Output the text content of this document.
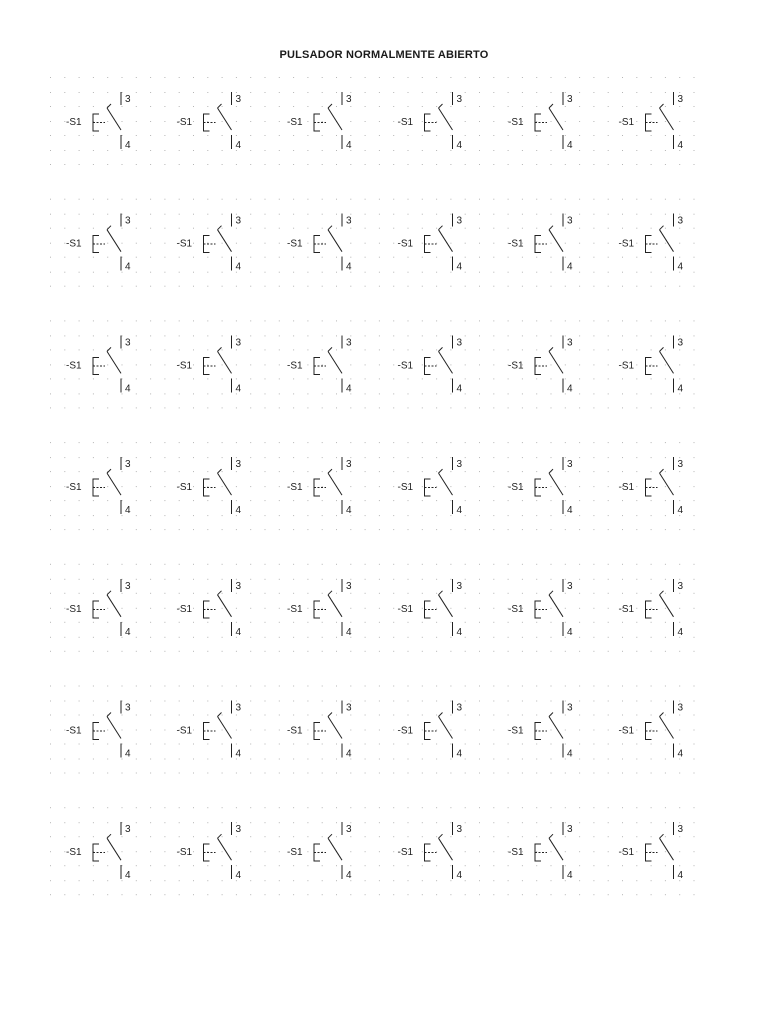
PULSADOR NORMALMENTE ABIERTO
-S1
3
4
-S1
3
4
-S1
3
4
-S1
3
4
-S1
3
4
-S1
3
4
-S1
3
4
-S1
3
4
-S1
3
4
-S1
3
4
-S1
3
4
-S1
3
4
-S1
3
4
-S1
3
4
-S1
3
4
-S1
3
4
-S1
3
4
-S1
3
4
-S1
3
4
-S1
3
4
-S1
3
4
-S1
3
4
-S1
3
4
-S1
3
4
-S1
3
4
-S1
3
4
-S1
3
4
-S1
3
4
-S1
3
4
-S1
3
4
-S1
3
4
-S1
3
4
-S1
3
4
-S1
3
4
-S1
3
4
-S1
3
4
-S1
3
4
-S1
3
4
-S1
3
4
-S1
3
4
-S1
3
4
-S1
3
4
